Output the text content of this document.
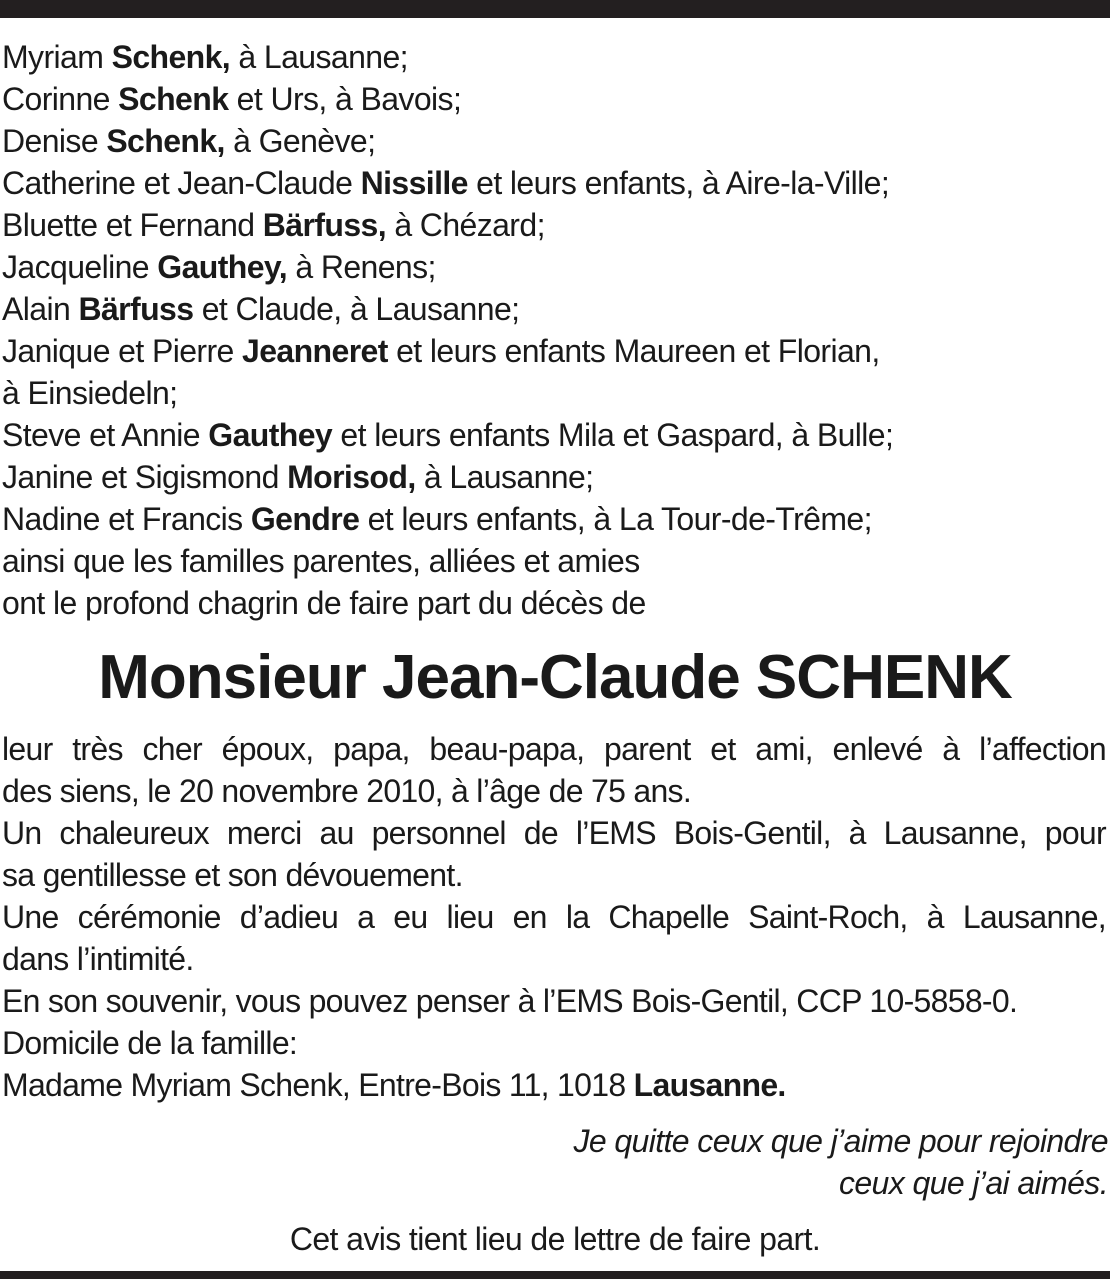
Myriam Schenk, à Lausanne;
Corinne Schenk et Urs, à Bavois;
Denise Schenk, à Genève;
Catherine et Jean-Claude Nissille et leurs enfants, à Aire-la-Ville;
Bluette et Fernand Bärfuss, à Chézard;
Jacqueline Gauthey, à Renens;
Alain Bärfuss et Claude, à Lausanne;
Janique et Pierre Jeanneret et leurs enfants Maureen et Florian,
à Einsiedeln;
Steve et Annie Gauthey et leurs enfants Mila et Gaspard, à Bulle;
Janine et Sigismond Morisod, à Lausanne;
Nadine et Francis Gendre et leurs enfants, à La Tour-de-Trême;
ainsi que les familles parentes, alliées et amies
ont le profond chagrin de faire part du décès de
Monsieur Jean-Claude SCHENK
leur très cher époux, papa, beau-papa, parent et ami, enlevé à l’affection
des siens, le 20 novembre 2010, à l’âge de 75 ans.
Un chaleureux merci au personnel de l’EMS Bois-Gentil, à Lausanne, pour
sa gentillesse et son dévouement.
Une cérémonie d’adieu a eu lieu en la Chapelle Saint-Roch, à Lausanne,
dans l’intimité.
En son souvenir, vous pouvez penser à l’EMS Bois-Gentil, CCP 10-5858-0.
Domicile de la famille:
Madame Myriam Schenk, Entre-Bois 11, 1018 Lausanne.
Je quitte ceux que j’aime pour rejoindre
ceux que j’ai aimés.
Cet avis tient lieu de lettre de faire part.
